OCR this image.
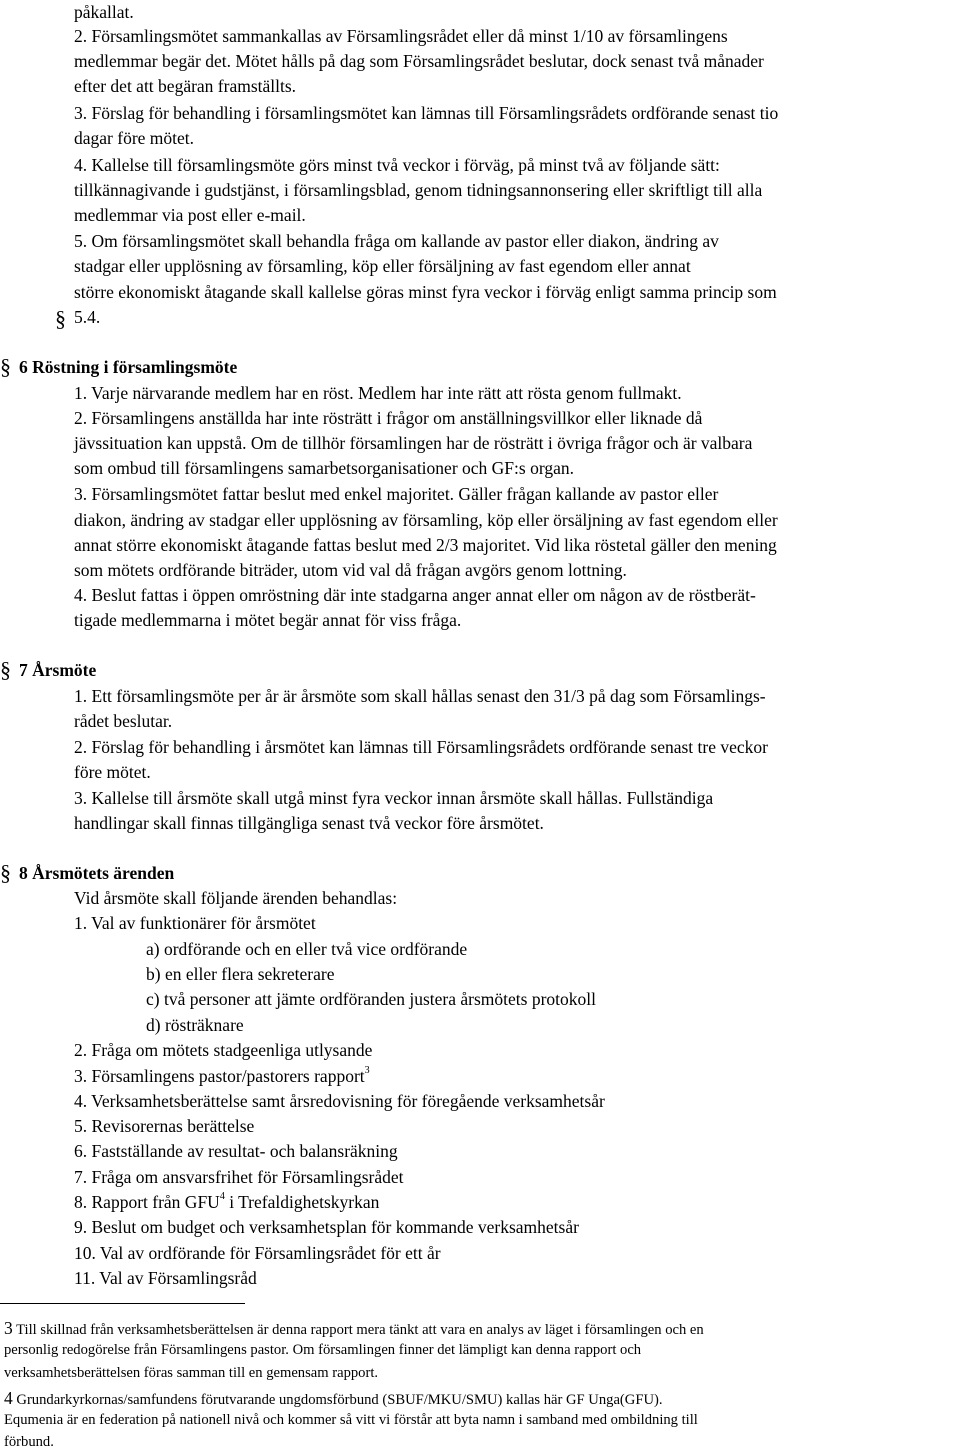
påkallat.
2. Församlingsmötet sammankallas av Församlingsrådet eller då minst 1/10 av församlingens
medlemmar begär det. Mötet hålls på dag som Församlingsrådet beslutar, dock senast två månader
efter det att begäran framställts.
3. Förslag för behandling i församlingsmötet kan lämnas till Församlingsrådets ordförande senast tio
dagar före mötet.
4. Kallelse till församlingsmöte görs minst två veckor i förväg, på minst två av följande sätt:
tillkännagivande i gudstjänst, i församlingsblad, genom tidningsannonsering eller skriftligt till alla
medlemmar via post eller e-mail.
5. Om församlingsmötet skall behandla fråga om kallande av pastor eller diakon, ändring av
stadgar eller upplösning av församling, köp eller försäljning av fast egendom eller annat
större ekonomiskt åtagande skall kallelse göras minst fyra veckor i förväg enligt samma princip som
§ 5.4.
§ 6 Röstning i församlingsmöte
1. Varje närvarande medlem har en röst. Medlem har inte rätt att rösta genom fullmakt.
2. Församlingens anställda har inte rösträtt i frågor om anställningsvillkor eller liknade då
jävssituation kan uppstå. Om de tillhör församlingen har de rösträtt i övriga frågor och är valbara
som ombud till församlingens samarbetsorganisationer och GF:s organ.
3. Församlingsmötet fattar beslut med enkel majoritet. Gäller frågan kallande av pastor eller
diakon, ändring av stadgar eller upplösning av församling, köp eller örsäljning av fast egendom eller
annat större ekonomiskt åtagande fattas beslut med 2/3 majoritet. Vid lika röstetal gäller den mening
som mötets ordförande biträder, utom vid val då frågan avgörs genom lottning.
4. Beslut fattas i öppen omröstning där inte stadgarna anger annat eller om någon av de röstberät-
tigade medlemmarna i mötet begär annat för viss fråga.
§ 7 Årsmöte
1. Ett församlingsmöte per år är årsmöte som skall hållas senast den 31/3 på dag som Församlings-
rådet beslutar.
2. Förslag för behandling i årsmötet kan lämnas till Församlingsrådets ordförande senast tre veckor
före mötet.
3. Kallelse till årsmöte skall utgå minst fyra veckor innan årsmöte skall hållas. Fullständiga
handlingar skall finnas tillgängliga senast två veckor före årsmötet.
§ 8 Årsmötets ärenden
Vid årsmöte skall följande ärenden behandlas:
1. Val av funktionärer för årsmötet
a) ordförande och en eller två vice ordförande
b) en eller flera sekreterare
c) två personer att jämte ordföranden justera årsmötets protokoll
d) rösträknare
2. Fråga om mötets stadgeenliga utlysande
3. Församlingens pastor/pastorers rapport$^3$
4. Verksamhetsberättelse samt årsredovisning för föregående verksamhetsår
5. Revisorernas berättelse
6. Fastställande av resultat- och balansräkning
7. Fråga om ansvarsfrihet för Församlingsrådet
8. Rapport från GFU$^4$ i Trefaldighetskyrkan
9. Beslut om budget och verksamhetsplan för kommande verksamhetsår
10. Val av ordförande för Församlingsrådet för ett år
11. Val av Församlingsråd
3 Till skillnad från verksamhetsberättelsen är denna rapport mera tänkt att vara en analys av läget i församlingen och en
personlig redogörelse från Församlingens pastor. Om församlingen finner det lämpligt kan denna rapport och
verksamhetsberättelsen föras samman till en gemensam rapport.
4 Grundarkyrkornas/samfundens förutvarande ungdomsförbund (SBUF/MKU/SMU) kallas här GF Unga(GFU).
Equmenia är en federation på nationell nivå och kommer så vitt vi förstår att byta namn i samband med ombildning till
förbund.
